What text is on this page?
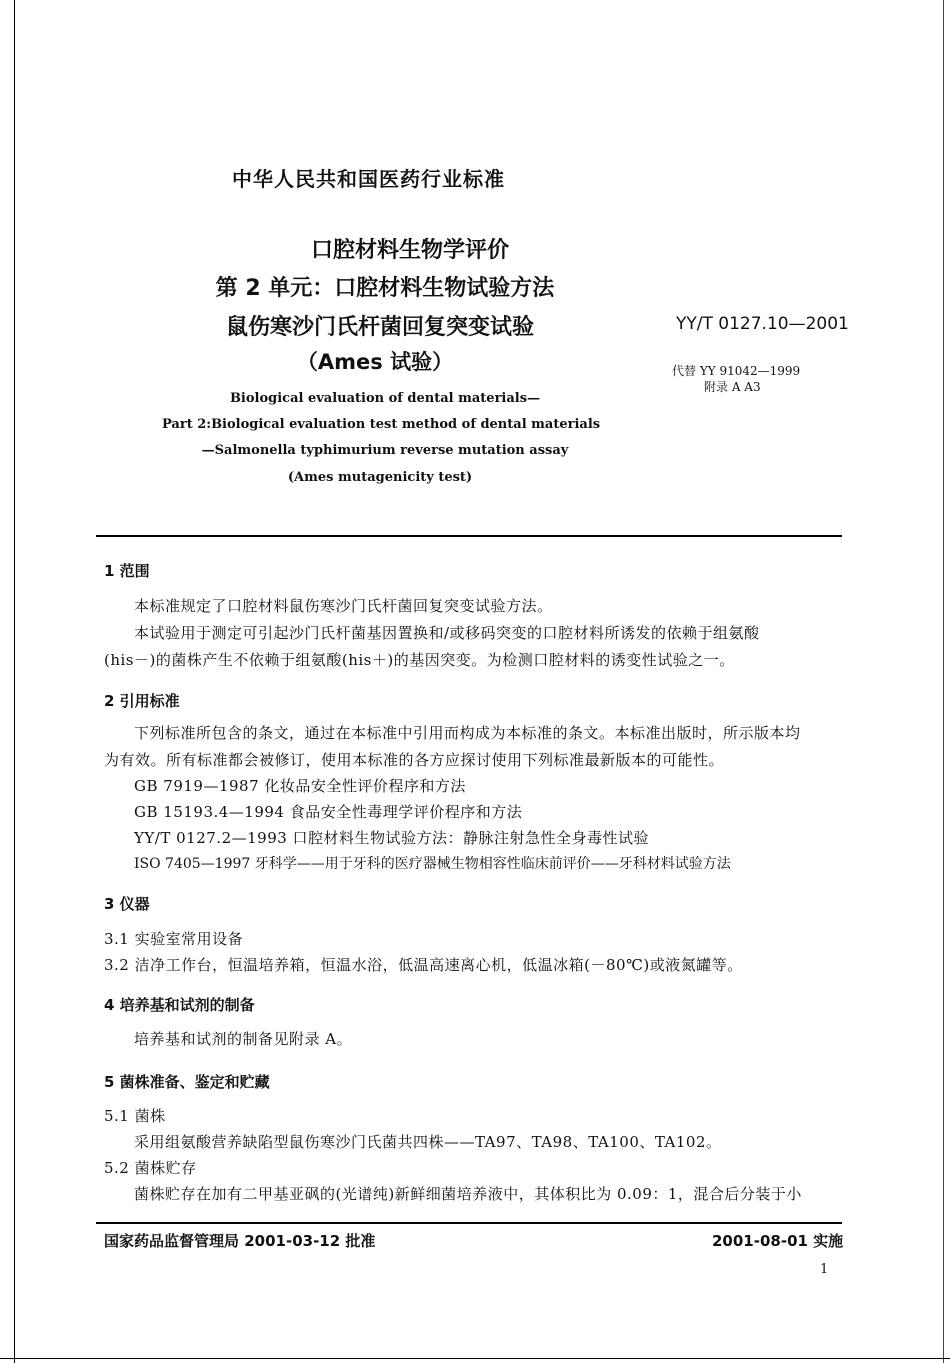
中华人民共和国医药行业标准
口腔材料生物学评价
第 2 单元：口腔材料生物试验方法
鼠伤寒沙门氏杆菌回复突变试验
（Ames 试验）
YY/T 0127.10—2001
代替 YY 91042—1999
附录 A A3
Biological evaluation of dental materials—
Part 2:Biological evaluation test method of dental materials
—Salmonella typhimurium reverse mutation assay
(Ames mutagenicity test)
1 范围
本标准规定了口腔材料鼠伤寒沙门氏杆菌回复突变试验方法。
本试验用于测定可引起沙门氏杆菌基因置换和/或移码突变的口腔材料所诱发的依赖于组氨酸
(his－)的菌株产生不依赖于组氨酸(his＋)的基因突变。为检测口腔材料的诱变性试验之一。
2 引用标准
下列标准所包含的条文，通过在本标准中引用而构成为本标准的条文。本标准出版时，所示版本均
为有效。所有标准都会被修订，使用本标准的各方应探讨使用下列标准最新版本的可能性。
GB 7919—1987 化妆品安全性评价程序和方法
GB 15193.4—1994 食品安全性毒理学评价程序和方法
YY/T 0127.2—1993 口腔材料生物试验方法：静脉注射急性全身毒性试验
ISO 7405—1997 牙科学——用于牙科的医疗器械生物相容性临床前评价——牙科材料试验方法
3 仪器
3.1 实验室常用设备
3.2 洁净工作台，恒温培养箱，恒温水浴，低温高速离心机，低温冰箱(－80℃)或液氮罐等。
4 培养基和试剂的制备
培养基和试剂的制备见附录 A。
5 菌株准备、鉴定和贮藏
5.1 菌株
采用组氨酸营养缺陷型鼠伤寒沙门氏菌共四株——TA97、TA98、TA100、TA102。
5.2 菌株贮存
菌株贮存在加有二甲基亚砜的(光谱纯)新鲜细菌培养液中，其体积比为 0.09：1，混合后分装于小
国家药品监督管理局 2001-03-12 批准	2001-08-01 实施
1
